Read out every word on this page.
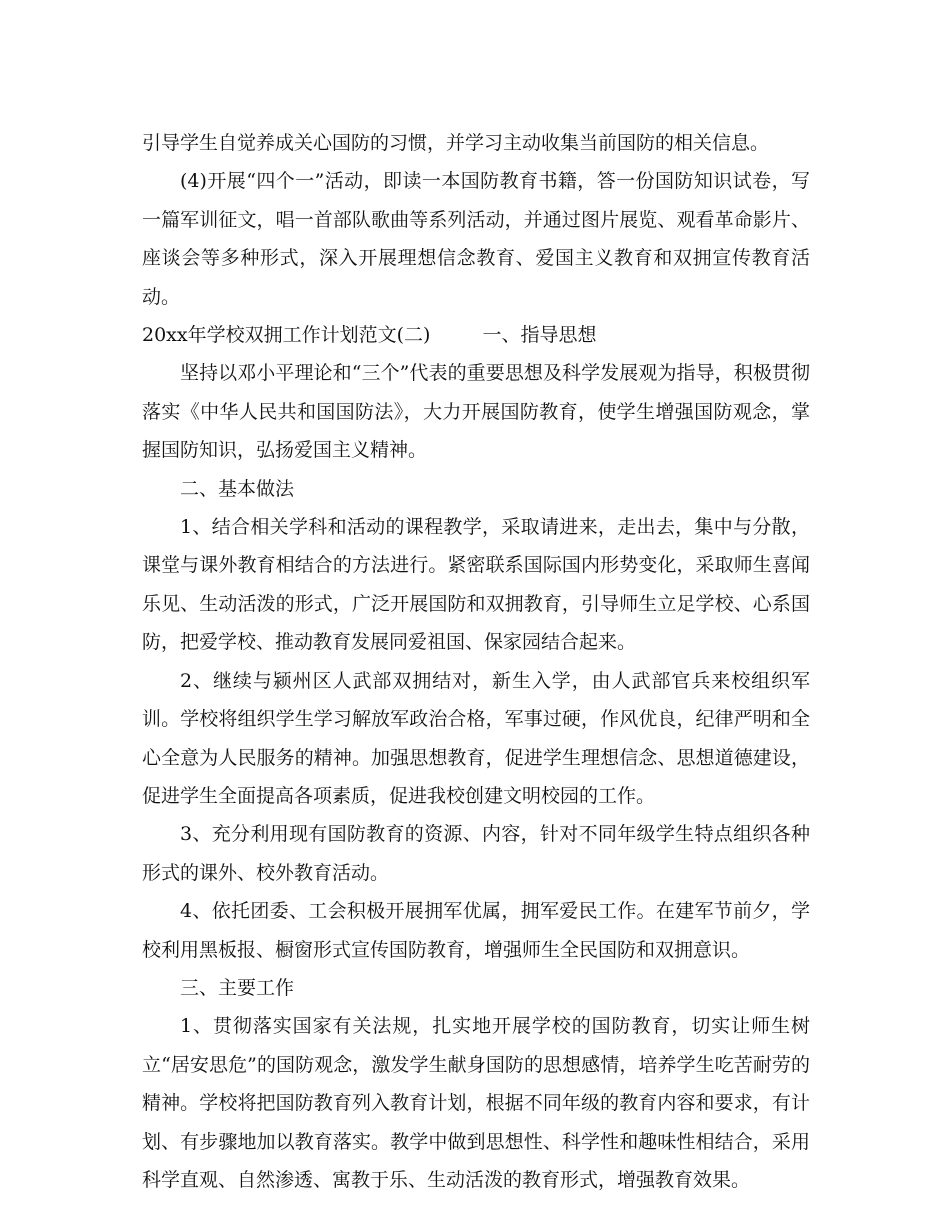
引导学生自觉养成关心国防的习惯，并学习主动收集当前国防的相关信息。

(4)开展“四个一”活动，即读一本国防教育书籍，答一份国防知识试卷，写一篇军训征文，唱一首部队歌曲等系列活动，并通过图片展览、观看革命影片、座谈会等多种形式，深入开展理想信念教育、爱国主义教育和双拥宣传教育活动。

20xx年学校双拥工作计划范文(二)	一、指导思想

坚持以邓小平理论和“三个”代表的重要思想及科学发展观为指导，积极贯彻落实《中华人民共和国国防法》，大力开展国防教育，使学生增强国防观念，掌握国防知识，弘扬爱国主义精神。

二、基本做法

1、结合相关学科和活动的课程教学，采取请进来，走出去，集中与分散，课堂与课外教育相结合的方法进行。紧密联系国际国内形势变化，采取师生喜闻乐见、生动活泼的形式，广泛开展国防和双拥教育，引导师生立足学校、心系国防，把爱学校、推动教育发展同爱祖国、保家园结合起来。

2、继续与颍州区人武部双拥结对，新生入学，由人武部官兵来校组织军训。学校将组织学生学习解放军政治合格，军事过硬，作风优良，纪律严明和全心全意为人民服务的精神。加强思想教育，促进学生理想信念、思想道德建设，促进学生全面提高各项素质，促进我校创建文明校园的工作。

3、充分利用现有国防教育的资源、内容，针对不同年级学生特点组织各种形式的课外、校外教育活动。

4、依托团委、工会积极开展拥军优属，拥军爱民工作。在建军节前夕，学校利用黑板报、橱窗形式宣传国防教育，增强师生全民国防和双拥意识。

三、主要工作

1、贯彻落实国家有关法规，扎实地开展学校的国防教育，切实让师生树立“居安思危”的国防观念，激发学生献身国防的思想感情，培养学生吃苦耐劳的精神。学校将把国防教育列入教育计划，根据不同年级的教育内容和要求，有计划、有步骤地加以教育落实。教学中做到思想性、科学性和趣味性相结合，采用科学直观、自然渗透、寓教于乐、生动活泼的教育形式，增强教育效果。
